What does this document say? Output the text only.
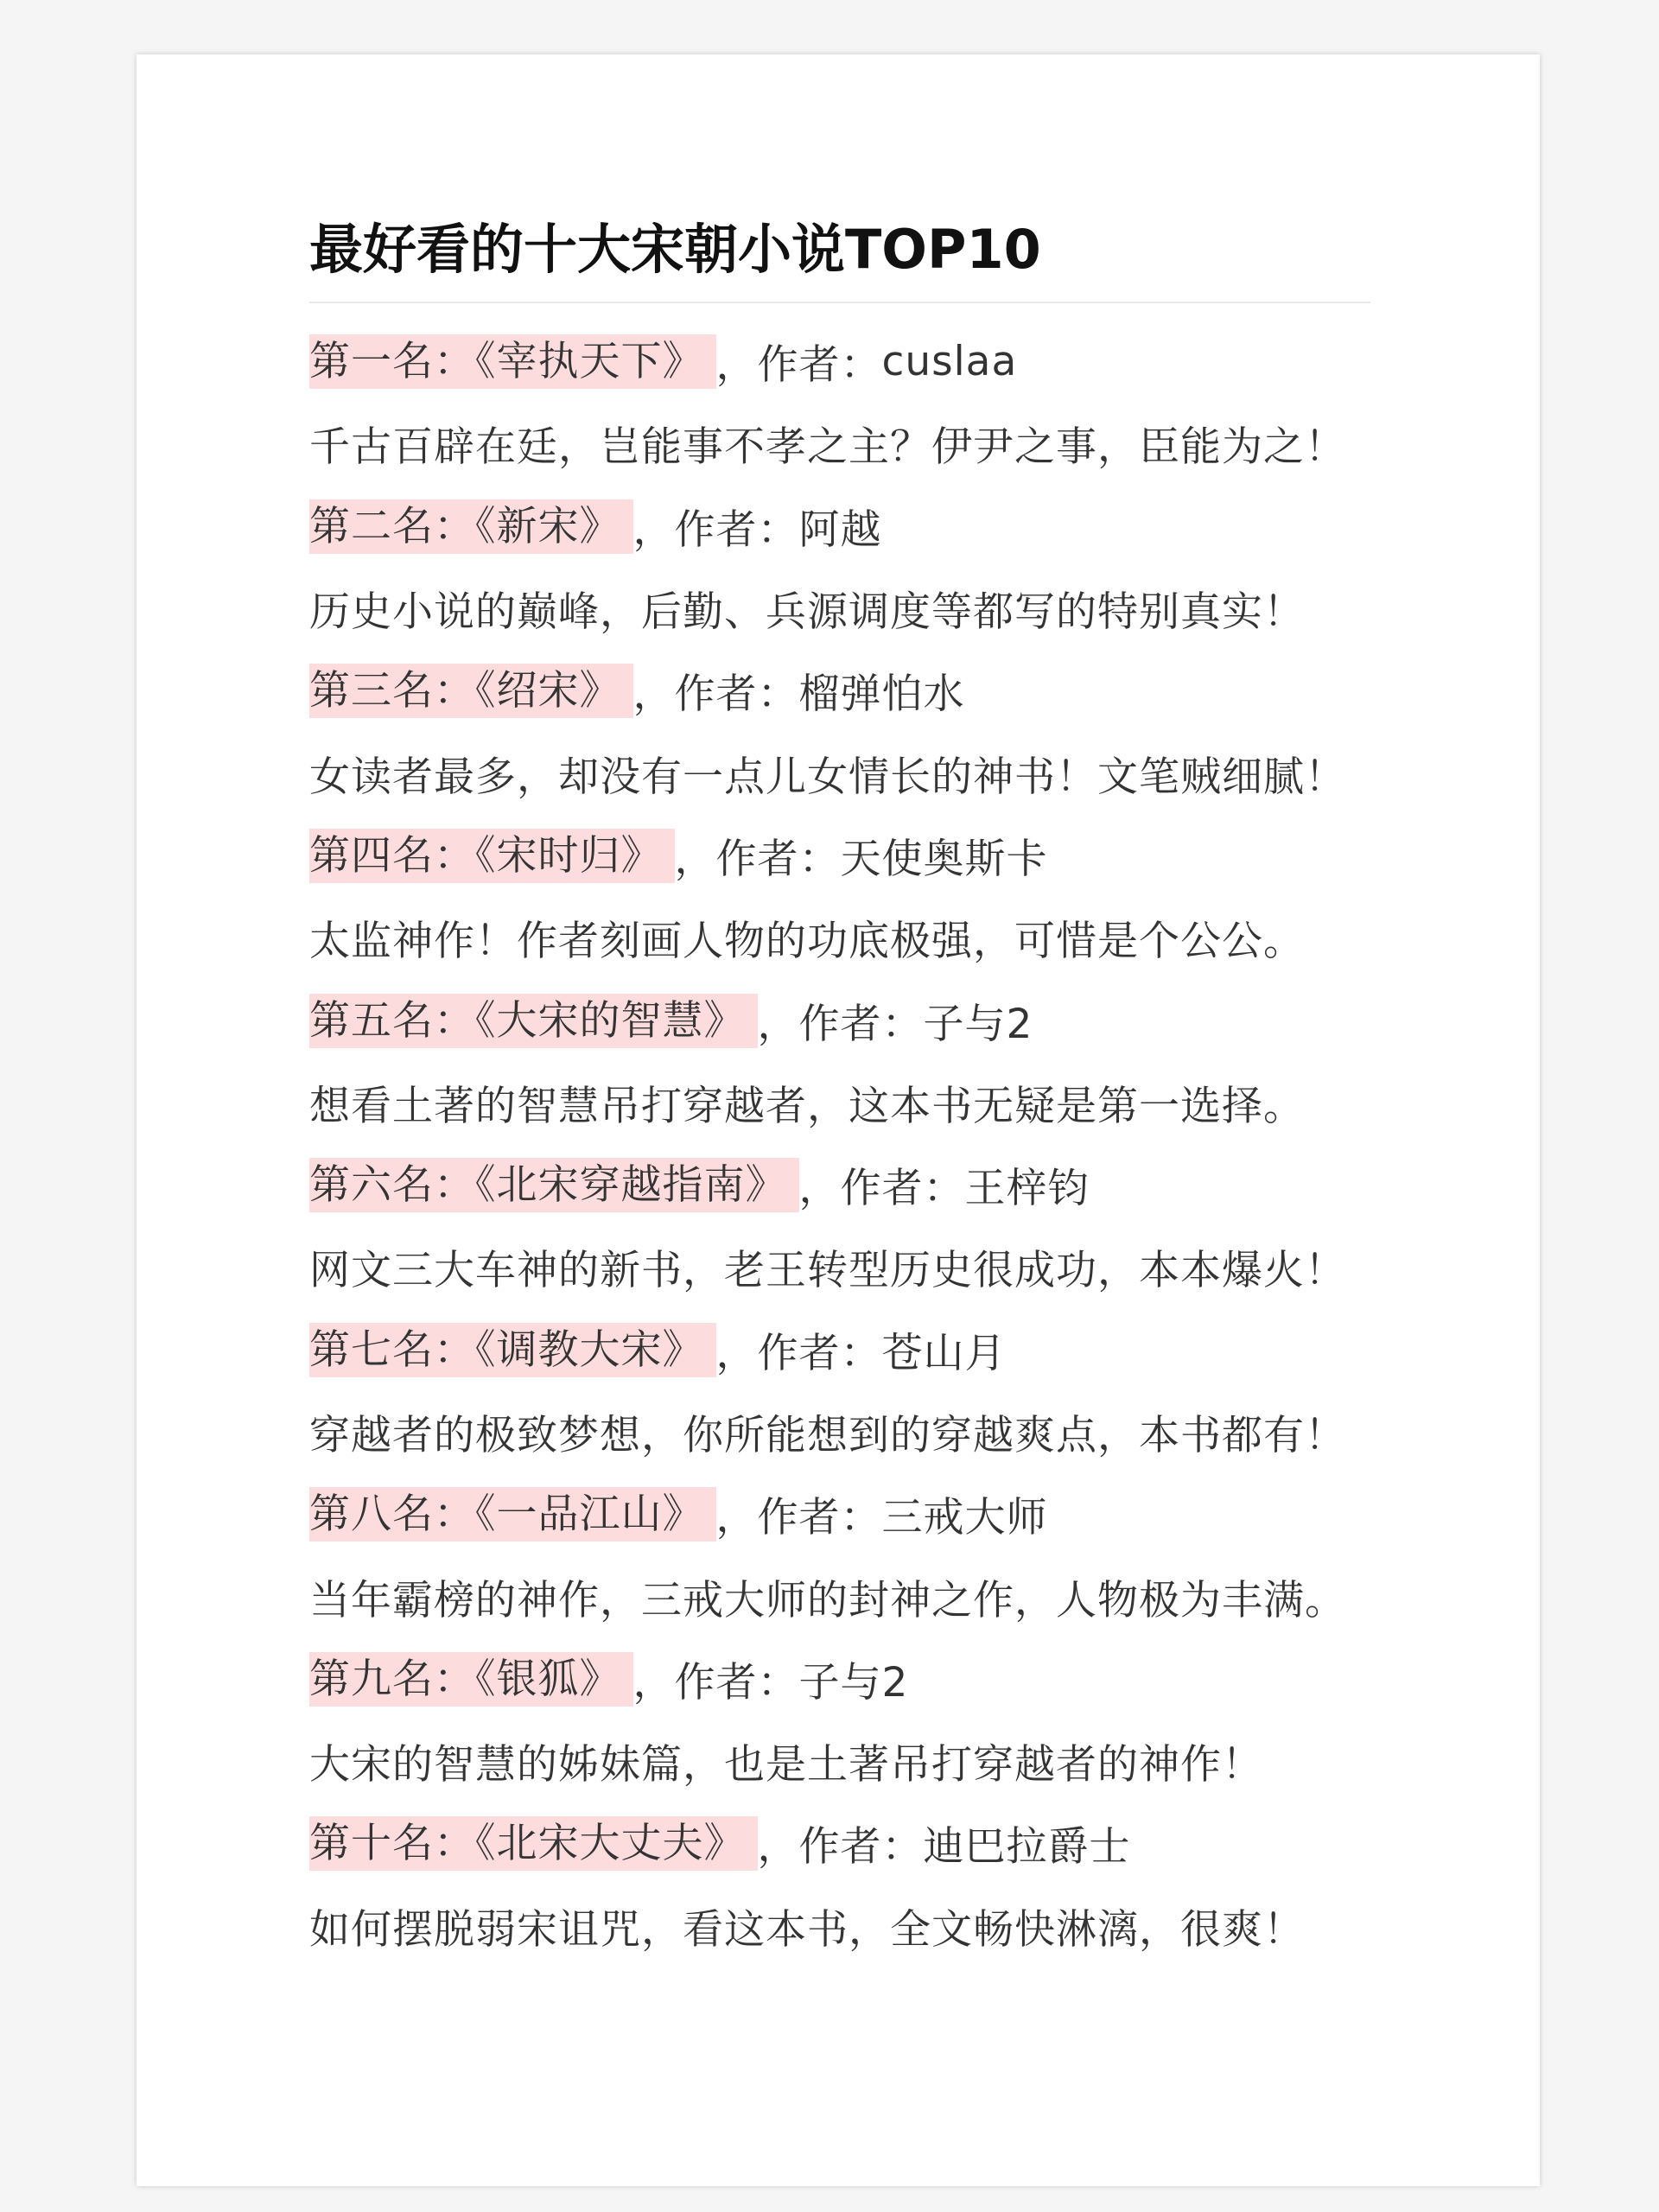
最好看的十大宋朝小说TOP10
第一名：《宰执天下》 ， 作者： cuslaa
千古百辟在廷，岂能事不孝之主？伊尹之事，臣能为之！
第二名：《新宋》 ， 作者： 阿越
历史小说的巅峰，后勤、兵源调度等都写的特别真实！
第三名：《绍宋》 ， 作者： 榴弹怕水
女读者最多，却没有一点儿女情长的神书！文笔贼细腻！
第四名：《宋时归》 ， 作者： 天使奥斯卡
太监神作！作者刻画人物的功底极强，可惜是个公公。
第五名：《大宋的智慧》 ， 作者： 子与2
想看土著的智慧吊打穿越者，这本书无疑是第一选择。
第六名：《北宋穿越指南》 ， 作者： 王梓钧
网文三大车神的新书，老王转型历史很成功，本本爆火！
第七名：《调教大宋》 ， 作者： 苍山月
穿越者的极致梦想，你所能想到的穿越爽点，本书都有！
第八名：《一品江山》 ， 作者： 三戒大师
当年霸榜的神作，三戒大师的封神之作，人物极为丰满。
第九名：《银狐》 ， 作者： 子与2
大宋的智慧的姊妹篇，也是土著吊打穿越者的神作！
第十名：《北宋大丈夫》 ， 作者： 迪巴拉爵士
如何摆脱弱宋诅咒，看这本书，全文畅快淋漓，很爽！
